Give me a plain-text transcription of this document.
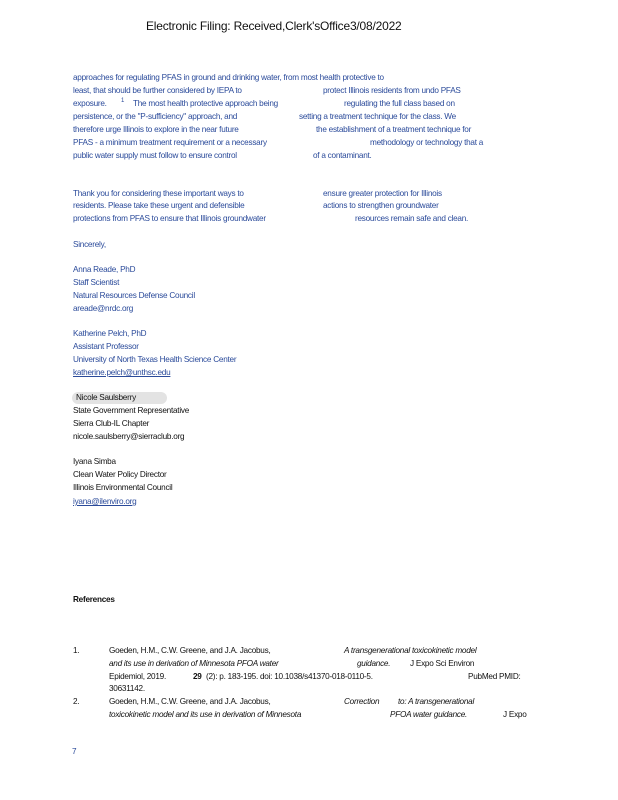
Electronic Filing: Received,Clerk'sOffice3/08/2022
approaches for regulating PFAS in ground and drinking water, from most health protective to
least, that should be further considered by IEPA to	protect Illinois residents from undo PFAS
exposure. 1 The most health protective approach being	regulating the full class based on
persistence, or the "P-sufficiency" approach, and	setting a treatment technique for the class. We
therefore urge Illinois to explore in the near future	the establishment of a treatment technique for
PFAS - a minimum treatment requirement or a necessary	methodology or technology that a
public water supply must follow to ensure control	of a contaminant.
Thank you for considering these important ways to	ensure greater protection for Illinois
residents. Please take these urgent and defensible	actions to strengthen groundwater
protections from PFAS to ensure that Illinois groundwater	resources remain safe and clean.
Sincerely,
Anna Reade, PhD
Staff Scientist
Natural Resources Defense Council
areade@nrdc.org
Katherine Pelch, PhD
Assistant Professor
University of North Texas Health Science Center
katherine.pelch@unthsc.edu
Nicole Saulsberry
State Government Representative
Sierra Club-IL Chapter
nicole.saulsberry@sierraclub.org
Iyana Simba
Clean Water Policy Director
Illinois Environmental Council
iyana@ilenviro.org
References
1.	Goeden, H.M., C.W. Greene, and J.A. Jacobus,	A transgenerational toxicokinetic model
and its use in derivation of Minnesota PFOA water	guidance. J Expo Sci Environ
Epidemiol, 2019.	29 (2): p. 183-195. doi: 10.1038/s41370-018-0110-5.	PubMed PMID:
30631142.
2.	Goeden, H.M., C.W. Greene, and J.A. Jacobus,	Correction to: A transgenerational
toxicokinetic model and its use in derivation of Minnesota	PFOA water guidance.	J Expo
7
